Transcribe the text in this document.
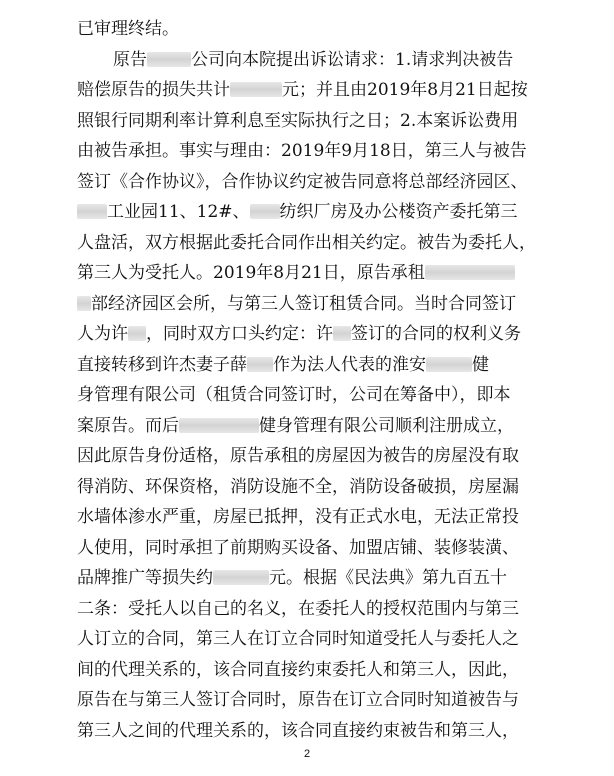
已审理终结。
原告	公司向本院提出诉讼请求：1.请求判决被告
赔偿原告的损失共计	元；并且由2019年8月21日起按
照银行同期利率计算利息至实际执行之日；2.本案诉讼费用
由被告承担。事实与理由：2019年9月18日，第三人与被告
签订《合作协议》，合作协议约定被告同意将总部经济园区、
工业园11、12#、 纺织厂房及办公楼资产委托第三
人盘活，双方根据此委托合同作出相关约定。被告为委托人，
第三人为受托人。2019年8月21日，原告承租
部经济园区会所，与第三人签订租赁合同。当时合同签订
人为许 ，同时双方口头约定：许 签订的合同的权利义务
直接转移到许杰妻子薛 作为法人代表的淮安	健
身管理有限公司（租赁合同签订时，公司在筹备中），即本
案原告。而后	健身管理有限公司顺利注册成立，
因此原告身份适格，原告承租的房屋因为被告的房屋没有取
得消防、环保资格，消防设施不全，消防设备破损，房屋漏
水墙体渗水严重，房屋已抵押，没有正式水电，无法正常投
人使用，同时承担了前期购买设备、加盟店铺、装修装潢、
品牌推广等损失约	元。根据《民法典》第九百五十
二条：受托人以自己的名义，在委托人的授权范围内与第三
人订立的合同，第三人在订立合同时知道受托人与委托人之
间的代理关系的，该合同直接约束委托人和第三人，因此，
原告在与第三人签订合同时，原告在订立合同时知道被告与
第三人之间的代理关系的，该合同直接约束被告和第三人，
2
